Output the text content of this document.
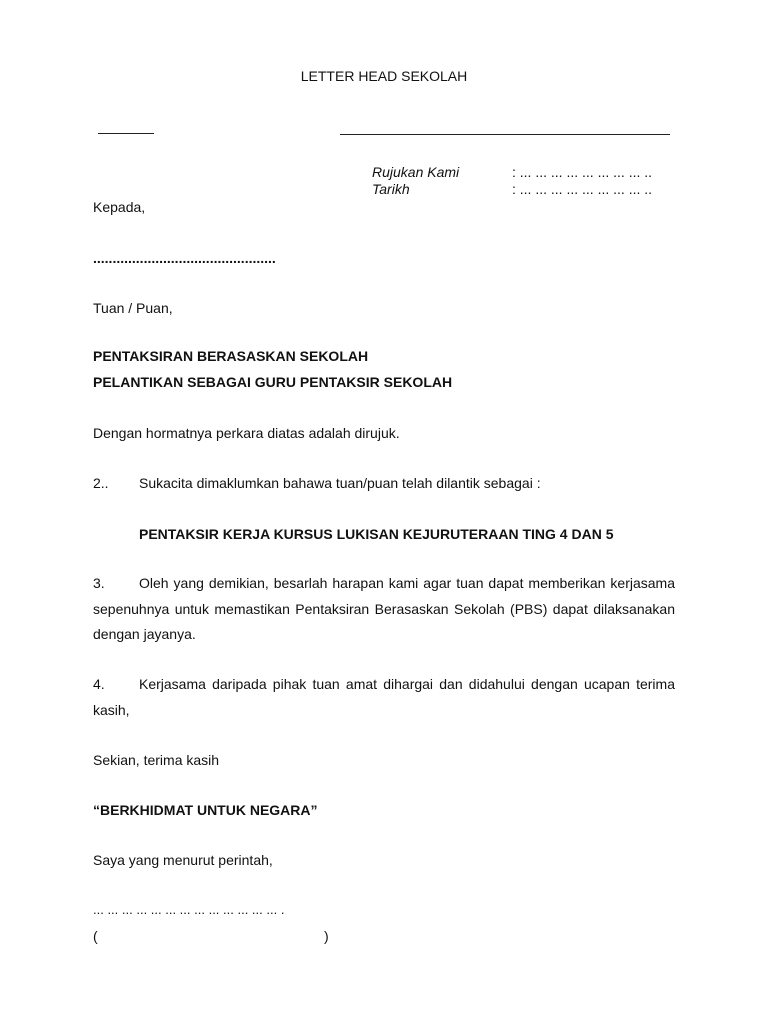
LETTER HEAD SEKOLAH
Rujukan Kami	: ... ... ... ... ... ... ... ... ..
Tarikh	: ... ... ... ... ... ... ... ... ..
Kepada,
...............................................
Tuan / Puan,
PENTAKSIRAN BERASASKAN SEKOLAH
PELANTIKAN SEBAGAI GURU PENTAKSIR SEKOLAH
Dengan hormatnya perkara diatas adalah dirujuk.
2.. Sukacita dimaklumkan bahawa tuan/puan telah dilantik sebagai :
PENTAKSIR KERJA KURSUS LUKISAN KEJURUTERAAN TING 4 DAN 5
3. Oleh yang demikian, besarlah harapan kami agar tuan dapat memberikan kerjasama sepenuhnya untuk memastikan Pentaksiran Berasaskan Sekolah (PBS) dapat dilaksanakan dengan jayanya.
4. Kerjasama daripada pihak tuan amat dihargai dan didahului dengan ucapan terima kasih,
Sekian, terima kasih
“BERKHIDMAT UNTUK NEGARA”
Saya yang menurut perintah,
... ... ... ... ... ... ... ... ... ... ... ... ... .
(	)
